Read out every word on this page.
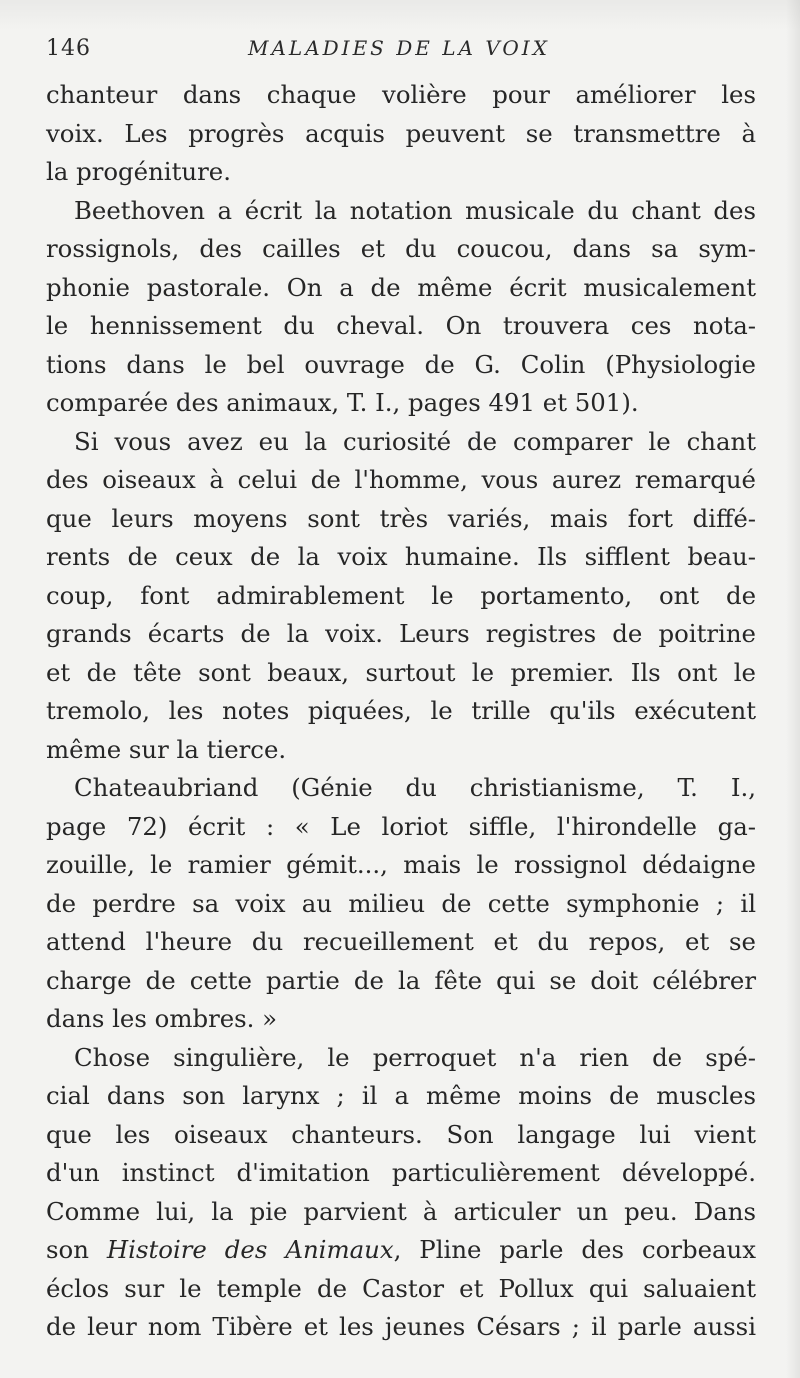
146	MALADIES DE LA VOIX
chanteur dans chaque volière pour améliorer les
voix. Les progrès acquis peuvent se transmettre à
la progéniture.
Beethoven a écrit la notation musicale du chant des
rossignols, des cailles et du coucou, dans sa sym-
phonie pastorale. On a de même écrit musicalement
le hennissement du cheval. On trouvera ces nota-
tions dans le bel ouvrage de G. Colin (Physiologie
comparée des animaux, T. I., pages 491 et 501).
Si vous avez eu la curiosité de comparer le chant
des oiseaux à celui de l'homme, vous aurez remarqué
que leurs moyens sont très variés, mais fort diffé-
rents de ceux de la voix humaine. Ils sifflent beau-
coup, font admirablement le portamento, ont de
grands écarts de la voix. Leurs registres de poitrine
et de tête sont beaux, surtout le premier. Ils ont le
tremolo, les notes piquées, le trille qu'ils exécutent
même sur la tierce.
Chateaubriand (Génie du christianisme, T. I.,
page 72) écrit : « Le loriot siffle, l'hirondelle ga-
zouille, le ramier gémit..., mais le rossignol dédaigne
de perdre sa voix au milieu de cette symphonie ; il
attend l'heure du recueillement et du repos, et se
charge de cette partie de la fête qui se doit célébrer
dans les ombres. »
Chose singulière, le perroquet n'a rien de spé-
cial dans son larynx ; il a même moins de muscles
que les oiseaux chanteurs. Son langage lui vient
d'un instinct d'imitation particulièrement développé.
Comme lui, la pie parvient à articuler un peu. Dans
son Histoire des Animaux, Pline parle des corbeaux
éclos sur le temple de Castor et Pollux qui saluaient
de leur nom Tibère et les jeunes Césars ; il parle aussi
